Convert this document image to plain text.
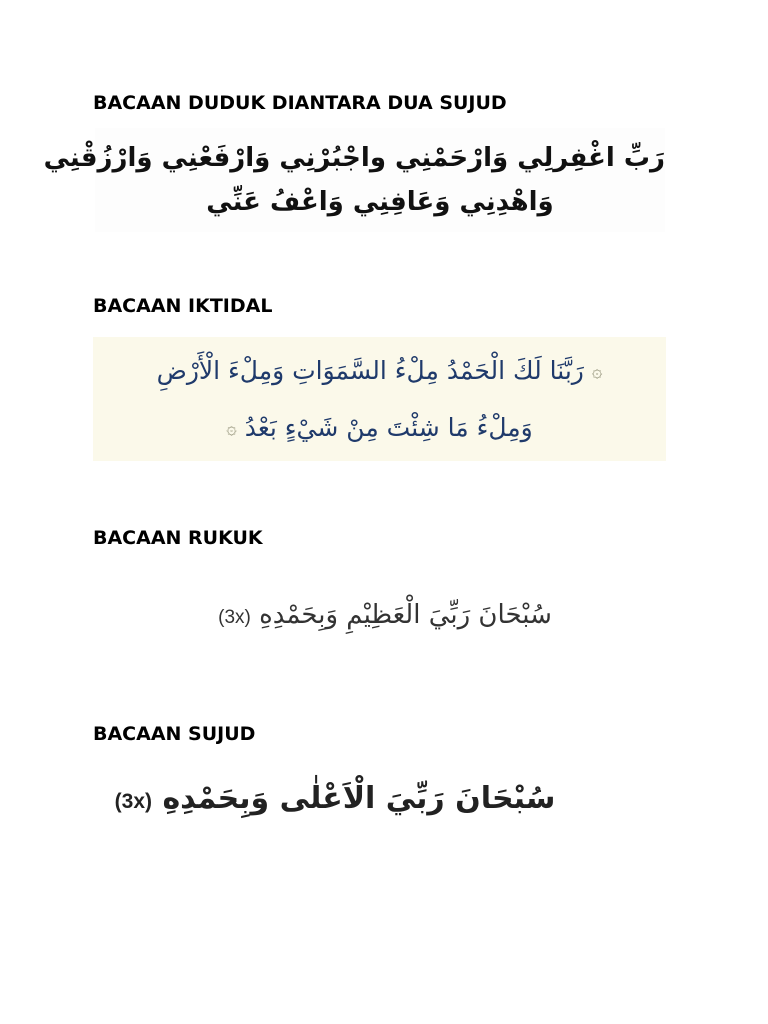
BACAAN DUDUK DIANTARA DUA SUJUD
رَبِّ اغْفِرلِي وَارْحَمْنِي واجْبُرْنِي وَارْفَعْنِي وَارْزُقْنِي
وَاهْدِنِي وَعَافِنِي وَاعْفُ عَنِّي
BACAAN IKTIDAL
۞ رَبَّنَا لَكَ الْحَمْدُ مِلْءُ السَّمَوَاتِ وَمِلْءَ الْأَرْضِ
وَمِلْءُ مَا شِئْتَ مِنْ شَيْءٍ بَعْدُ ۞
BACAAN RUKUK
سُبْحَانَ رَبِّيَ الْعَظِيْمِ وَبِحَمْدِهِ (3x)
BACAAN SUJUD
سُبْحَانَ رَبِّيَ الْاَعْلٰى وَبِحَمْدِهِ (3x)
